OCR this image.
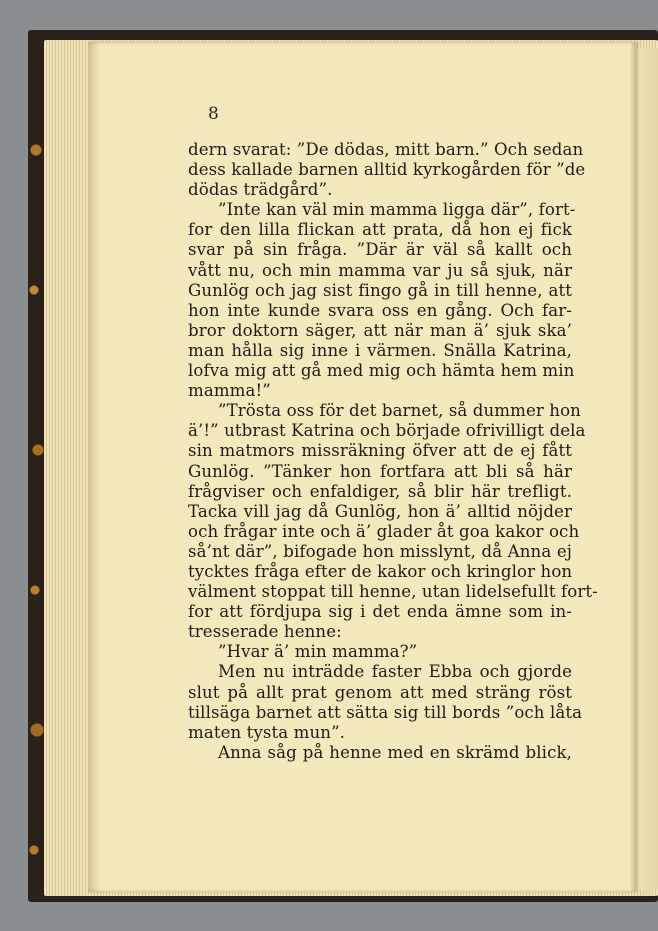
8
dern svarat: ”De dödas, mitt barn.” Och sedan
dess kallade barnen alltid kyrkogården för ”de
dödas trädgård”.
”Inte kan väl min mamma ligga där”, fort-
for den lilla flickan att prata, då hon ej fick
svar på sin fråga. ”Där är väl så kallt och
vått nu, och min mamma var ju så sjuk, när
Gunlög och jag sist fingo gå in till henne, att
hon inte kunde svara oss en gång. Och far-
bror doktorn säger, att när man ä’ sjuk ska’
man hålla sig inne i värmen. Snälla Katrina,
lofva mig att gå med mig och hämta hem min
mamma!”
”Trösta oss för det barnet, så dummer hon
ä’!” utbrast Katrina och började ofrivilligt dela
sin matmors missräkning öfver att de ej fått
Gunlög. ”Tänker hon fortfara att bli så här
frågviser och enfaldiger, så blir här trefligt.
Tacka vill jag då Gunlög, hon ä’ alltid nöjder
och frågar inte och ä’ glader åt goa kakor och
så’nt där”, bifogade hon misslynt, då Anna ej
tycktes fråga efter de kakor och kringlor hon
välment stoppat till henne, utan lidelsefullt fort-
for att fördjupa sig i det enda ämne som in-
tresserade henne:
”Hvar ä’ min mamma?”
Men nu inträdde faster Ebba och gjorde
slut på allt prat genom att med sträng röst
tillsäga barnet att sätta sig till bords ”och låta
maten tysta mun”.
Anna såg på henne med en skrämd blick,
